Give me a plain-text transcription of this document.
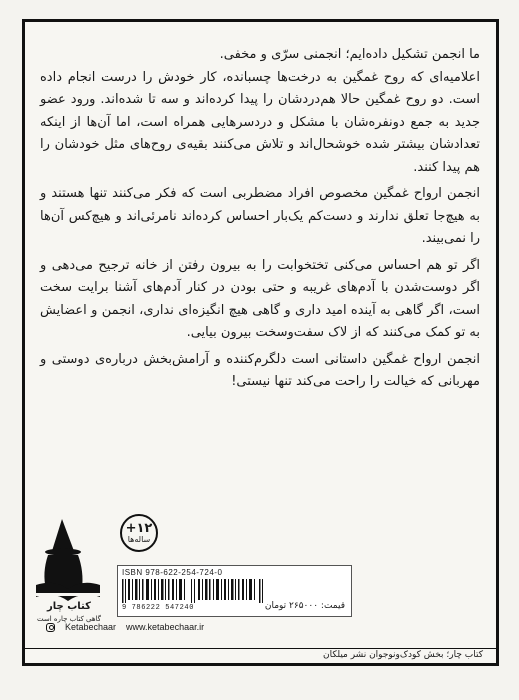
ما انجمن تشکیل داده‌ایم؛ انجمنی سرّی و مخفی.

اعلامیه‌ای که روح غمگین به درخت‌ها چسبانده، کار خودش را درست انجام داده است. دو روح غمگین حالا هم‌دردشان را پیدا کرده‌اند و سه تا شده‌اند. ورود عضو جدید به جمع دونفره‌شان با مشکل و دردسرهایی همراه است، اما آن‌ها از اینکه تعدادشان بیشتر شده خوشحال‌اند و تلاش می‌کنند بقیه‌ی روح‌های مثل خودشان را هم پیدا کنند.

انجمن ارواح غمگین مخصوص افراد مضطربی است که فکر می‌کنند تنها هستند و به هیچ‌جا تعلق ندارند و دست‌کم یک‌بار احساس کرده‌اند نامرئی‌اند و هیچ‌کس آن‌ها را نمی‌بیند.

اگر تو هم احساس می‌کنی تختخوابت را به بیرون رفتن از خانه ترجیح می‌دهی و اگر دوست‌شدن با آدم‌های غریبه و حتی بودن در کنار آدم‌های آشنا برایت سخت است، اگر گاهی به آینده امید داری و گاهی هیچ انگیزه‌ای نداری، انجمن و اعضایش به تو کمک می‌کنند که از لاک سفت‌وسخت بیرون بیایی.

انجمن ارواح غمگین داستانی است دلگرم‌کننده و آرامش‌بخش درباره‌ی دوستی و مهربانی که خیالت را راحت می‌کند تنها نیستی!

کتاب چار
گاهی کتاب چاره است
+۱۲
ساله‌ها
ISBN 978-622-254-724-0
9 786222 547240	قیمت: ۲۶۵۰۰۰ تومان
Ketabechaar www.ketabechaar.ir
کتاب چار؛ بخش کودک‌ونوجوان نشر میلکان
